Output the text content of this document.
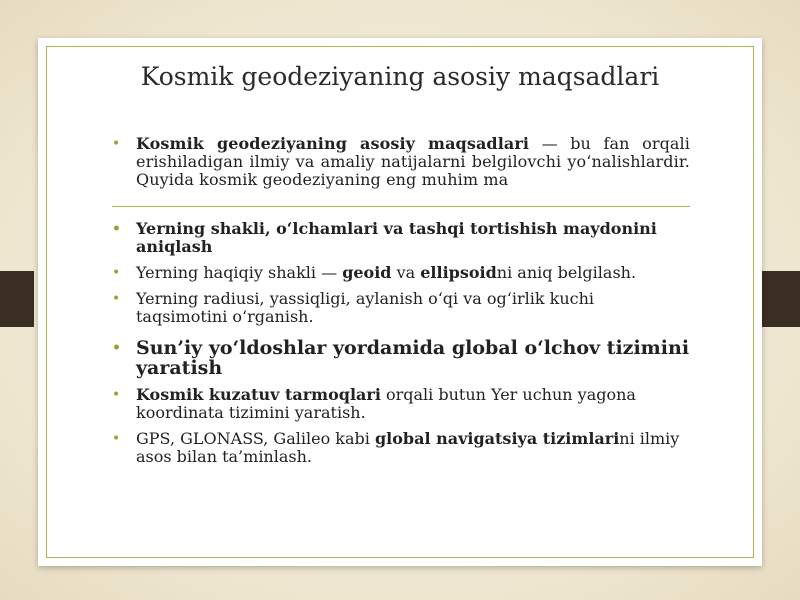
Kosmik geodeziyaning asosiy maqsadlari
• Kosmik geodeziyaning asosiy maqsadlari — bu fan orqali erishiladigan ilmiy va amaliy natijalarni belgilovchi yo‘nalishlardir. Quyida kosmik geodeziyaning eng muhim ma
• Yerning shakli, o‘lchamlari va tashqi tortishish maydonini aniqlash
• Yerning haqiqiy shakli — geoid va ellipsoidni aniq belgilash.
• Yerning radiusi, yassiqligi, aylanish o‘qi va og‘irlik kuchi taqsimotini o‘rganish.
• Sun’iy yo‘ldoshlar yordamida global o‘lchov tizimini yaratish
• Kosmik kuzatuv tarmoqlari orqali butun Yer uchun yagona koordinata tizimini yaratish.
• GPS, GLONASS, Galileo kabi global navigatsiya tizimlarini ilmiy asos bilan ta’minlash.
